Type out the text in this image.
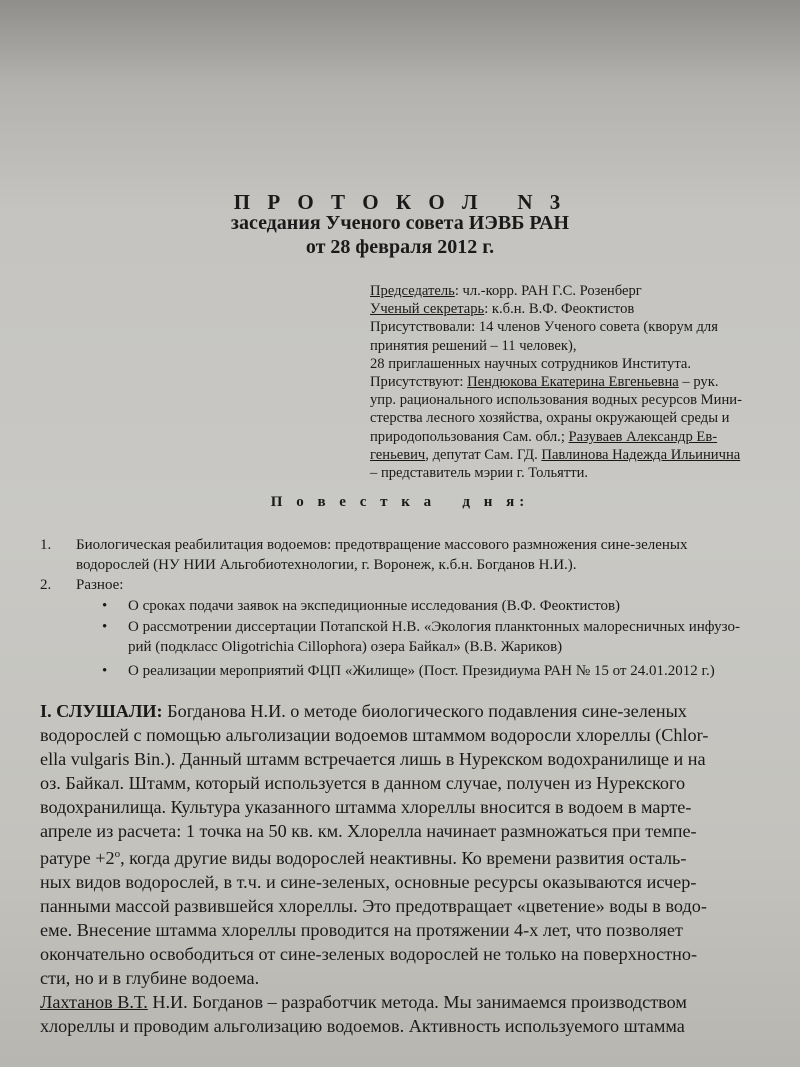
П Р О Т О К О Л   N 3
заседания Ученого совета ИЭВБ РАН
от 28 февраля 2012 г.
Председатель: чл.-корр. РАН Г.С. Розенберг
Ученый секретарь: к.б.н. В.Ф. Феоктистов
Присутствовали: 14 членов Ученого совета (кворум для
принятия решений – 11 человек),
28 приглашенных научных сотрудников Института.
Присутствуют: Пендюкова Екатерина Евгеньевна – рук.
упр. рационального использования водных ресурсов Мини-
стерства лесного хозяйства, охраны окружающей среды и
природопользования Сам. обл.; Разуваев Александр Ев-
геньевич, депутат Сам. ГД. Павлинова Надежда Ильинична
– представитель мэрии г. Тольятти.
П о в е с т к а   д н я:
1. Биологическая реабилитация водоемов: предотвращение массового размножения сине-зеленых
водорослей (НУ НИИ Альгобиотехнологии, г. Воронеж, к.б.н. Богданов Н.И.).
2. Разное:
• О сроках подачи заявок на экспедиционные исследования (В.Ф. Феоктистов)
• О рассмотрении диссертации Потапской Н.В. «Экология планктонных малоресничных инфузо-
рий (подкласс Oligotrichia Cillophora) озера Байкал» (В.В. Жариков)
• О реализации мероприятий ФЦП «Жилище» (Пост. Президиума РАН № 15 от 24.01.2012 г.)
I. СЛУШАЛИ: Богданова Н.И. о методе биологического подавления сине-зеленых
водорослей с помощью альголизации водоемов штаммом водоросли хлореллы (Chlor-
ella vulgaris Bin.). Данный штамм встречается лишь в Нурекском водохранилище и на
оз. Байкал. Штамм, который используется в данном случае, получен из Нурекского
водохранилища. Культура указанного штамма хлореллы вносится в водоем в марте-
апреле из расчета: 1 точка на 50 кв. км. Хлорелла начинает размножаться при темпе-
ратуре $+2^o$, когда другие виды водорослей неактивны. Ко времени развития осталь-
ных видов водорослей, в т.ч. и сине-зеленых, основные ресурсы оказываются исчер-
панными массой развившейся хлореллы. Это предотвращает «цветение» воды в водо-
еме. Внесение штамма хлореллы проводится на протяжении 4-х лет, что позволяет
окончательно освободиться от сине-зеленых водорослей не только на поверхностно-
сти, но и в глубине водоема.
Лахтанов В.Т. Н.И. Богданов – разработчик метода. Мы занимаемся производством
хлореллы и проводим альголизацию водоемов. Активность используемого штамма
